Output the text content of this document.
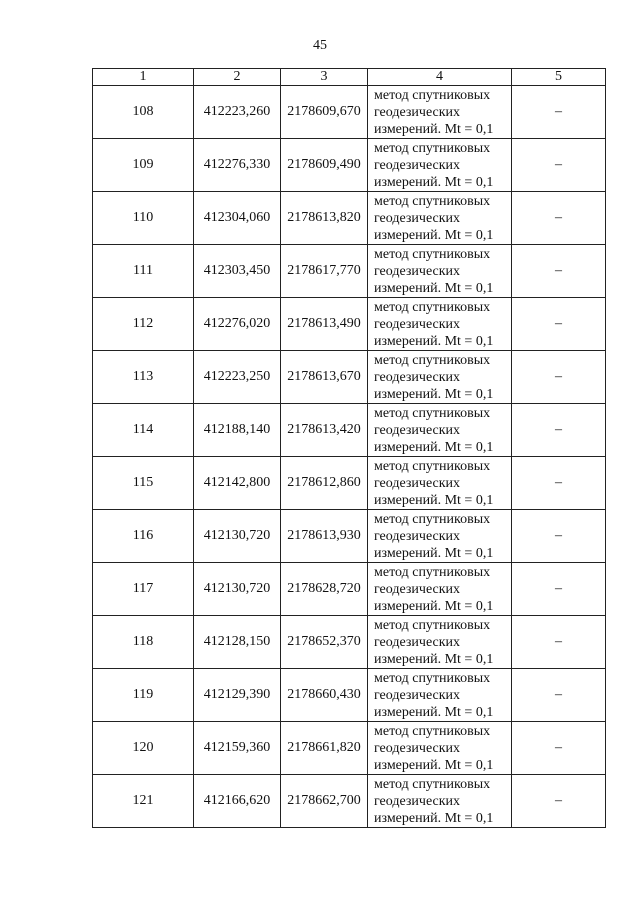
45
1	2	3	4	5
108	412223,260	2178609,670	метод спутниковых
геодезических
измерений. Mt = 0,1	–
109	412276,330	2178609,490	метод спутниковых
геодезических
измерений. Mt = 0,1	–
110	412304,060	2178613,820	метод спутниковых
геодезических
измерений. Mt = 0,1	–
111	412303,450	2178617,770	метод спутниковых
геодезических
измерений. Mt = 0,1	–
112	412276,020	2178613,490	метод спутниковых
геодезических
измерений. Mt = 0,1	–
113	412223,250	2178613,670	метод спутниковых
геодезических
измерений. Mt = 0,1	–
114	412188,140	2178613,420	метод спутниковых
геодезических
измерений. Mt = 0,1	–
115	412142,800	2178612,860	метод спутниковых
геодезических
измерений. Mt = 0,1	–
116	412130,720	2178613,930	метод спутниковых
геодезических
измерений. Mt = 0,1	–
117	412130,720	2178628,720	метод спутниковых
геодезических
измерений. Mt = 0,1	–
118	412128,150	2178652,370	метод спутниковых
геодезических
измерений. Mt = 0,1	–
119	412129,390	2178660,430	метод спутниковых
геодезических
измерений. Mt = 0,1	–
120	412159,360	2178661,820	метод спутниковых
геодезических
измерений. Mt = 0,1	–
121	412166,620	2178662,700	метод спутниковых
геодезических
измерений. Mt = 0,1	–
